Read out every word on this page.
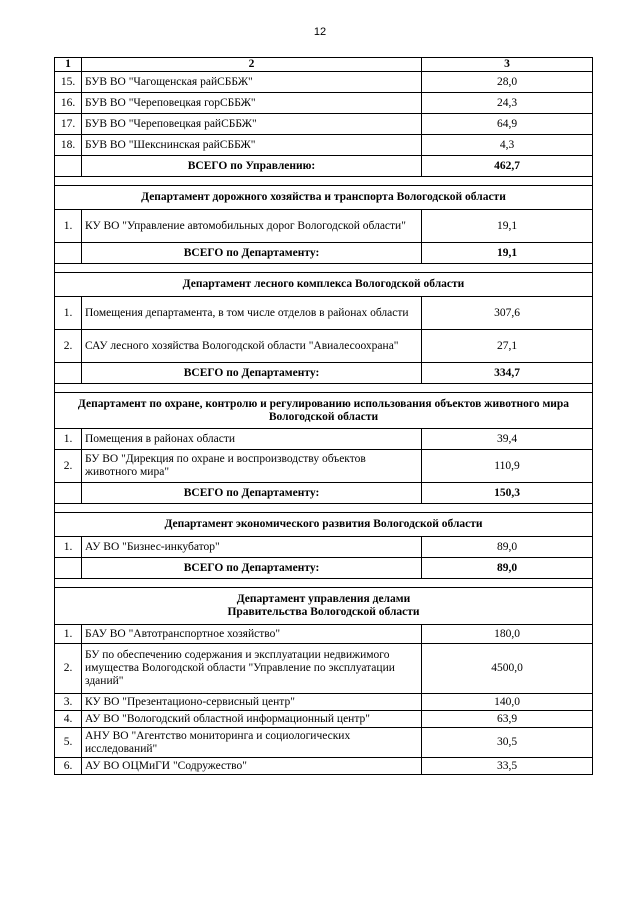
12
1	2	3
15.	БУВ ВО "Чагощенская райСББЖ"	28,0
16.	БУВ ВО "Череповецкая горСББЖ"	24,3
17.	БУВ ВО "Череповецкая райСББЖ"	64,9
18.	БУВ ВО "Шекснинская райСББЖ"	4,3
	ВСЕГО по Управлению:	462,7

Департамент дорожного хозяйства и транспорта Вологодской области		
1.	КУ ВО "Управление автомобильных дорог Вологодской области"	19,1
	ВСЕГО по Департаменту:	19,1

Департамент лесного комплекса Вологодской области		
1.	Помещения департамента, в том числе отделов в районах области	307,6
2.	САУ лесного хозяйства Вологодской области "Авиалесоохрана"	27,1
	ВСЕГО по Департаменту:	334,7

Департамент по охране, контролю и регулированию использования объектов животного мира Вологодской области		
1.	Помещения в районах области	39,4
2.	БУ ВО "Дирекция по охране и воспроизводству объектов животного мира"	110,9
	ВСЕГО по Департаменту:	150,3

Департамент экономического развития Вологодской области		
1.	АУ ВО "Бизнес-инкубатор"	89,0
	ВСЕГО по Департаменту:	89,0

Департамент управления делами Правительства Вологодской области		
1.	БАУ ВО "Автотранспортное хозяйство"	180,0
2.	БУ по обеспечению содержания и эксплуатации недвижимого имущества Вологодской области "Управление по эксплуатации зданий"	4500,0
3.	КУ ВО "Презентационо-сервисный центр"	140,0
4.	АУ ВО "Вологодский областной информационный центр"	63,9
5.	АНУ ВО "Агентство мониторинга и социологических исследований"	30,5
6.	АУ ВО ОЦМиГИ "Содружество"	33,5
